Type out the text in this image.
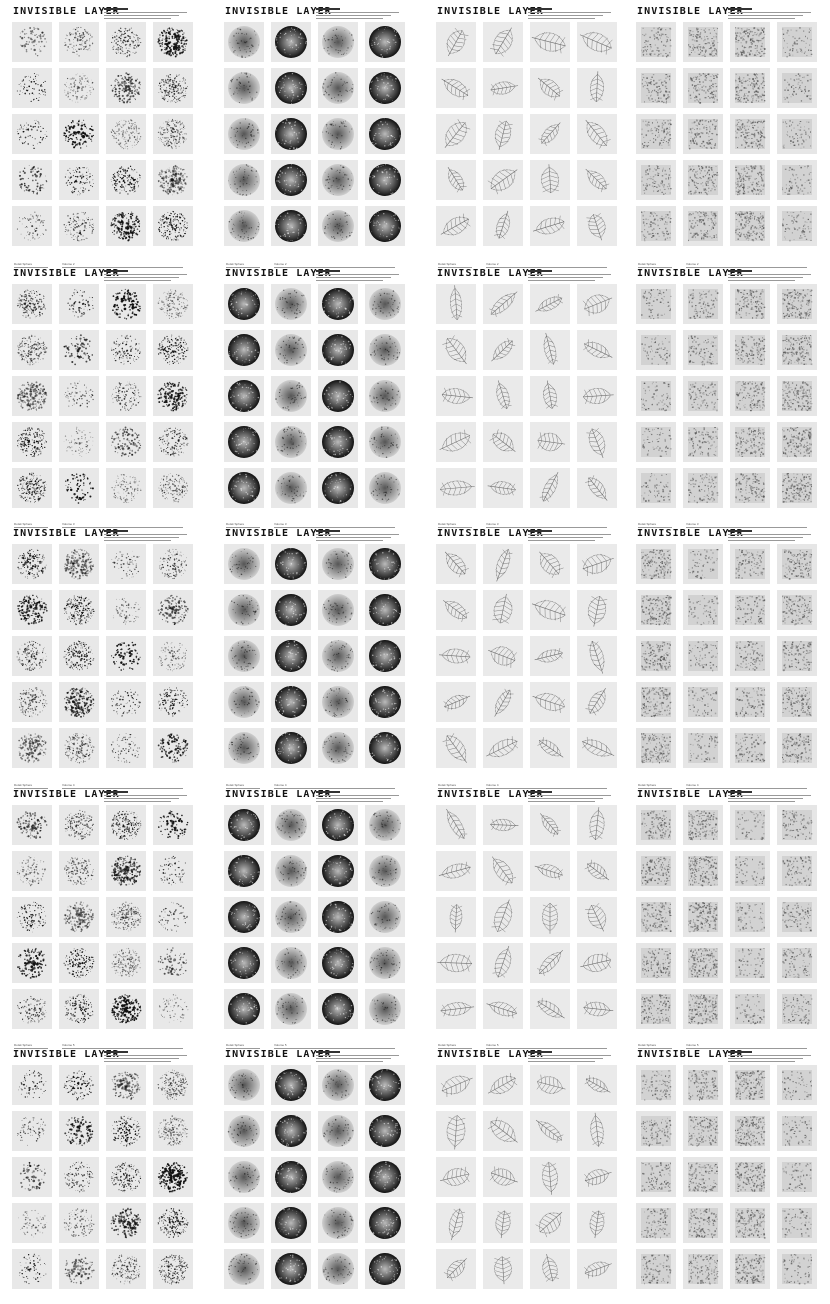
INVISIBLE LAYER
Dotsk Sphere	Volume 2
INVISIBLE LAYER
Dotsk Sphere	Volume 3
INVISIBLE LAYER
Dotsk Sphere	Volume 4
INVISIBLE LAYER
Dotsk Sphere	Volume 5
INVISIBLE LAYER
INVISIBLE LAYER
Dotsk Sphere	Volume 2
INVISIBLE LAYER
Dotsk Sphere	Volume 3
INVISIBLE LAYER
Dotsk Sphere	Volume 4
INVISIBLE LAYER
Dotsk Sphere	Volume 5
INVISIBLE LAYER
INVISIBLE LAYER
Dotsk Sphere	Volume 2
INVISIBLE LAYER
Dotsk Sphere	Volume 3
INVISIBLE LAYER
Dotsk Sphere	Volume 4
INVISIBLE LAYER
Dotsk Sphere	Volume 5
INVISIBLE LAYER
INVISIBLE LAYER
Dotsk Sphere	Volume 2
INVISIBLE LAYER
Dotsk Sphere	Volume 3
INVISIBLE LAYER
Dotsk Sphere	Volume 4
INVISIBLE LAYER
Dotsk Sphere	Volume 5
INVISIBLE LAYER
